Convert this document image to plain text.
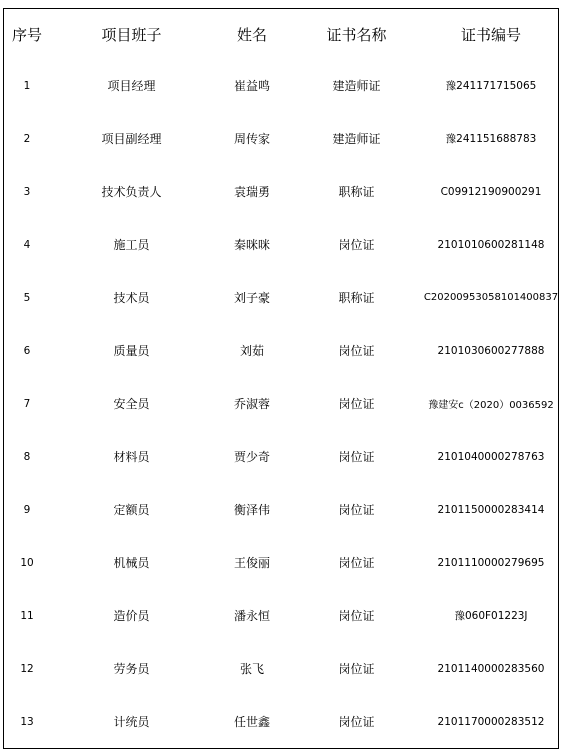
序号	项目班子	姓名	证书名称	证书编号
1	项目经理	崔益鸣	建造师证	豫241171715065
2	项目副经理	周传家	建造师证	豫241151688783
3	技术负责人	袁瑞勇	职称证	C09912190900291
4	施工员	秦咪咪	岗位证	2101010600281148
5	技术员	刘子豪	职称证	C20200953058101400837
6	质量员	刘茹	岗位证	2101030600277888
7	安全员	乔淑蓉	岗位证	豫建安c（2020）0036592
8	材料员	贾少奇	岗位证	2101040000278763
9	定额员	衡泽伟	岗位证	2101150000283414
10	机械员	王俊丽	岗位证	2101110000279695
11	造价员	潘永恒	岗位证	豫060F01223J
12	劳务员	张飞	岗位证	2101140000283560
13	计统员	任世鑫	岗位证	2101170000283512
